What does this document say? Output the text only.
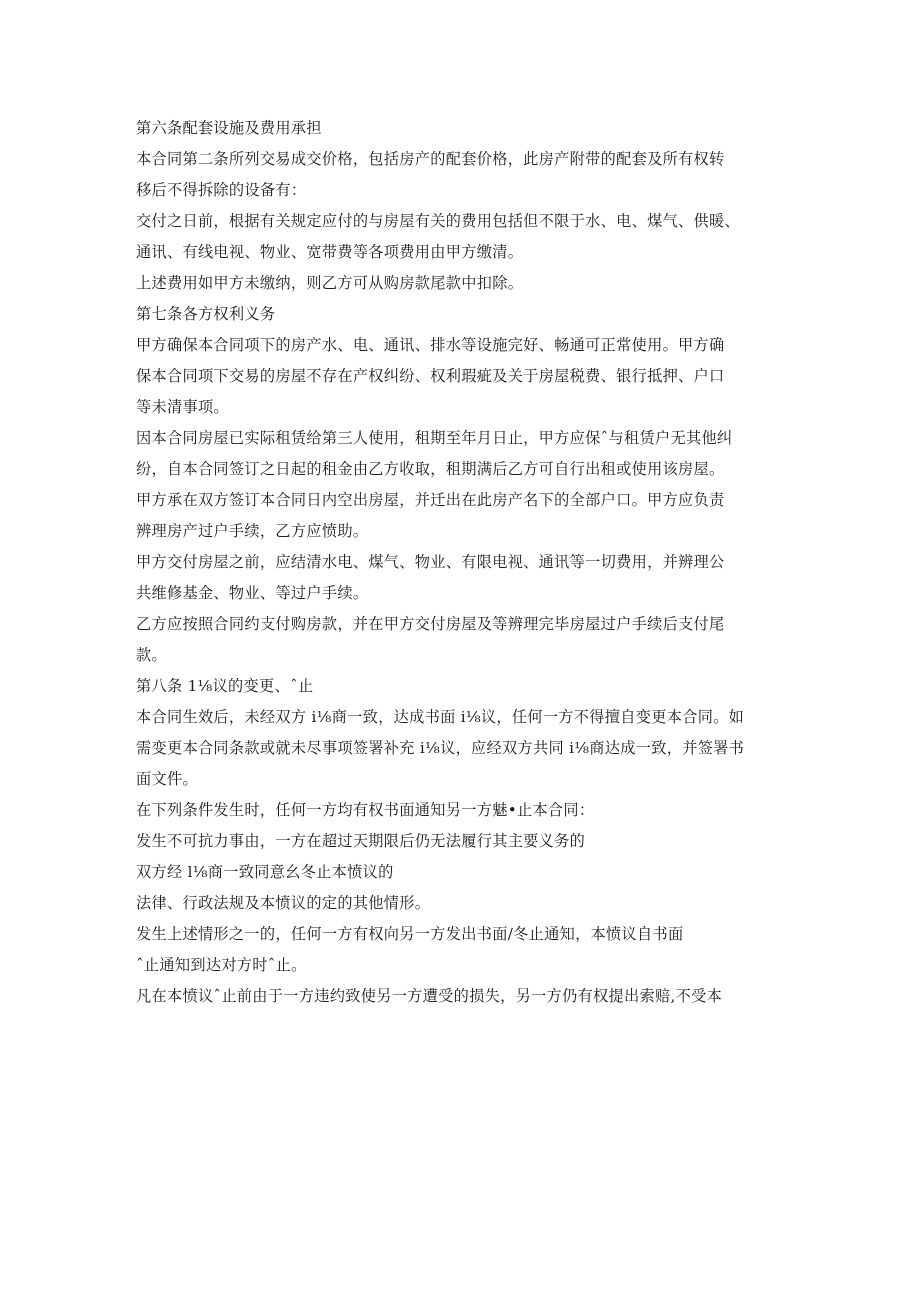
第六条配套设施及费用承担
本合同第二条所列交易成交价格，包括房产的配套价格，此房产附带的配套及所有权转
移后不得拆除的设备有：
交付之日前，根据有关规定应付的与房屋有关的费用包括但不限于水、电、煤气、供暖、
通讯、有线电视、物业、宽带费等各项费用由甲方缴清。
上述费用如甲方未缴纳，则乙方可从购房款尾款中扣除。
第七条各方权利义务
甲方确保本合同项下的房产水、电、通讯、排水等设施完好、畅通可正常使用。甲方确
保本合同项下交易的房屋不存在产权纠纷、权利瑕疵及关于房屋税费、银行抵押、户口
等未清事项。
因本合同房屋已实际租赁给第三人使用，租期至年月日止，甲方应保ˆ与租赁户无其他纠
纷，自本合同签订之日起的租金由乙方收取，租期满后乙方可自行出租或使用该房屋。
甲方承在双方签订本合同日内空出房屋，并迁出在此房产名下的全部户口。甲方应负责
辨理房产过户手续，乙方应愤助。
甲方交付房屋之前，应结清水电、煤气、物业、有限电视、通讯等一切费用，并辨理公
共维修基金、物业、等过户手续。
乙方应按照合同约支付购房款，并在甲方交付房屋及等辨理完毕房屋过户手续后支付尾
款。
第八条 1⅛议的变更、ˆ止
本合同生效后，未经双方 i⅛商一致，达成书面 i⅛议，任何一方不得擅自变更本合同。如
需变更本合同条款或就未尽事项签署补充 i⅛议，应经双方共同 i⅛商达成一致，并签署书
面文件。
在下列条件发生时，任何一方均有权书面通知另一方魅•止本合同：
发生不可抗力事由，一方在超过天期限后仍无法履行其主要义务的
双方经 l⅛商一致同意幺冬止本愤议的
法律、行政法规及本愤议的定的其他情形。
发生上述情形之一的，任何一方有权向另一方发出书面/冬止通知，本愤议自书面
ˆ止通知到达对方时ˆ止。
凡在本愤议ˆ止前由于一方违约致使另一方遭受的损失，另一方仍有权提出索赔,不受本
